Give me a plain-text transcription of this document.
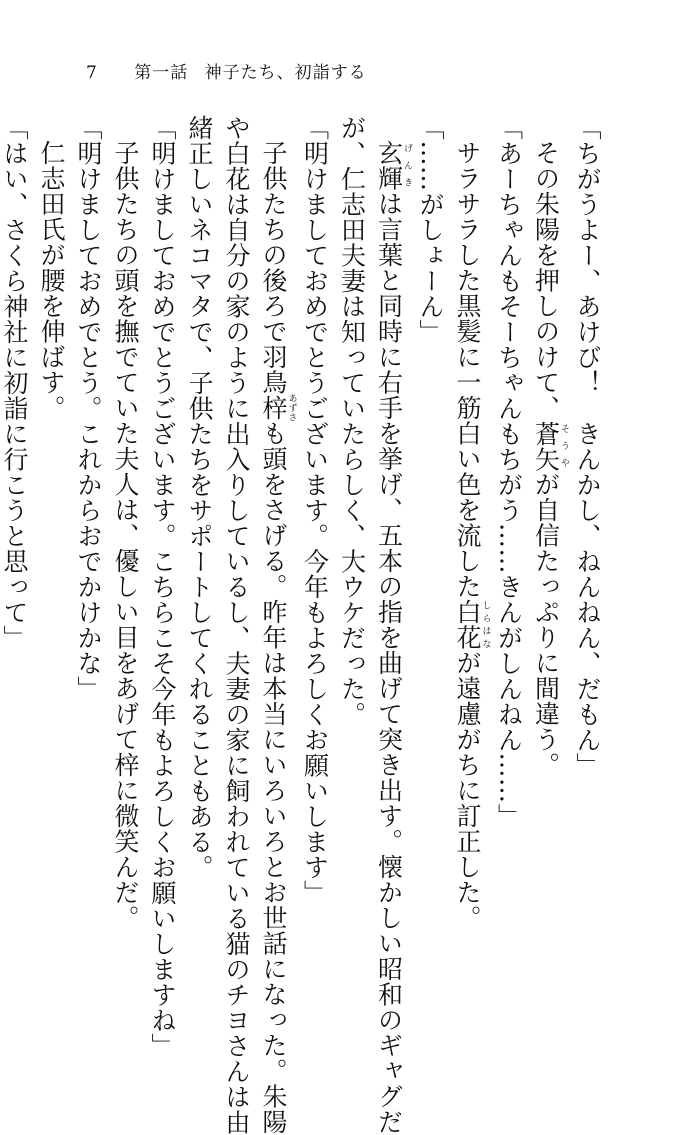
7 第一話 神子たち、初詣する
「ちがうよー、あけび！　きんかし、ねんねん、だもん」
その朱陽を押しのけて、蒼矢そうやが自信たっぷりに間違う。
「あーちゃんもそーちゃんもちがう……きんがしんねん……」
サラサラした黒髪に一筋白い色を流した白花しらはなが遠慮がちに訂正した。
「……がしょーん」
玄輝げんきは言葉と同時に右手を挙げ、五本の指を曲げて突き出す。懐かしい昭和のギャグだ
が、仁志田夫妻は知っていたらしく、大ウケだった。
「明けましておめでとうございます。今年もよろしくお願いします」
子供たちの後ろで羽鳥梓あずさも頭をさげる。昨年は本当にいろいろとお世話になった。朱陽
や白花は自分の家のように出入りしているし、夫妻の家に飼われている猫のチヨさんは由
緒正しいネコマタで、子供たちをサポートしてくれることもある。
「明けましておめでとうございます。こちらこそ今年もよろしくお願いしますね」
子供たちの頭を撫でていた夫人は、優しい目をあげて梓に微笑んだ。
「明けましておめでとう。これからおでかけかな」
仁志田氏が腰を伸ばす。
「はい、さくら神社に初詣に行こうと思って」
